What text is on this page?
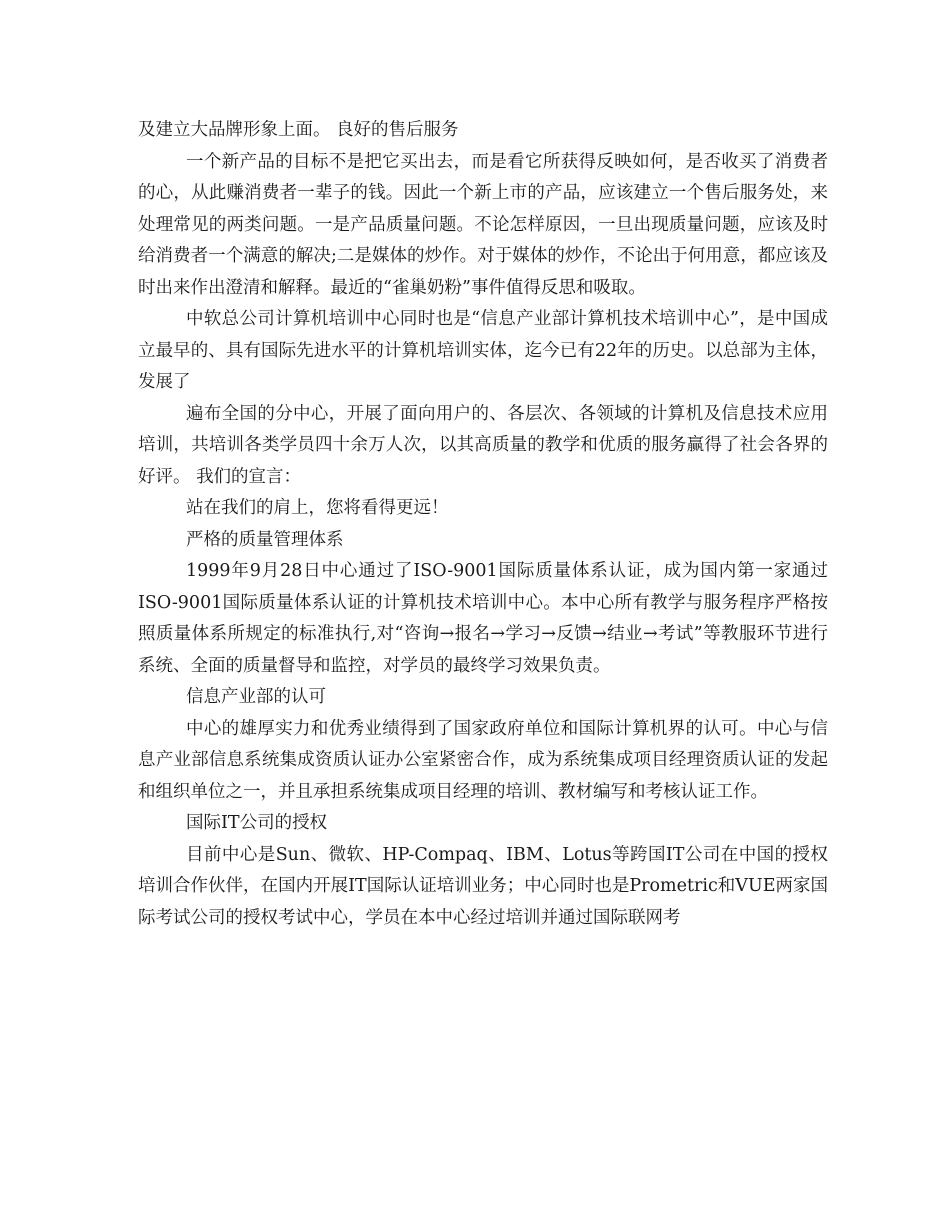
及建立大品牌形象上面。 良好的售后服务

一个新产品的目标不是把它买出去，而是看它所获得反映如何，是否收买了消费者的心，从此赚消费者一辈子的钱。因此一个新上市的产品，应该建立一个售后服务处，来处理常见的两类问题。一是产品质量问题。不论怎样原因，一旦出现质量问题，应该及时给消费者一个满意的解决;二是媒体的炒作。对于媒体的炒作，不论出于何用意，都应该及时出来作出澄清和解释。最近的“雀巢奶粉”事件值得反思和吸取。

中软总公司计算机培训中心同时也是“信息产业部计算机技术培训中心”，是中国成立最早的、具有国际先进水平的计算机培训实体，迄今已有22年的历史。以总部为主体，发展了

遍布全国的分中心，开展了面向用户的、各层次、各领域的计算机及信息技术应用培训，共培训各类学员四十余万人次，以其高质量的教学和优质的服务赢得了社会各界的好评。 我们的宣言：

站在我们的肩上，您将看得更远！

严格的质量管理体系

1999年9月28日中心通过了ISO-9001国际质量体系认证，成为国内第一家通过ISO-9001国际质量体系认证的计算机技术培训中心。本中心所有教学与服务程序严格按照质量体系所规定的标准执行,对“咨询→报名→学习→反馈→结业→考试”等教服环节进行系统、全面的质量督导和监控，对学员的最终学习效果负责。

信息产业部的认可

中心的雄厚实力和优秀业绩得到了国家政府单位和国际计算机界的认可。中心与信息产业部信息系统集成资质认证办公室紧密合作，成为系统集成项目经理资质认证的发起和组织单位之一，并且承担系统集成项目经理的培训、教材编写和考核认证工作。

国际IT公司的授权

目前中心是Sun、微软、HP-Compaq、IBM、Lotus等跨国IT公司在中国的授权培训合作伙伴，在国内开展IT国际认证培训业务；中心同时也是Prometric和VUE两家国际考试公司的授权考试中心，学员在本中心经过培训并通过国际联网考
